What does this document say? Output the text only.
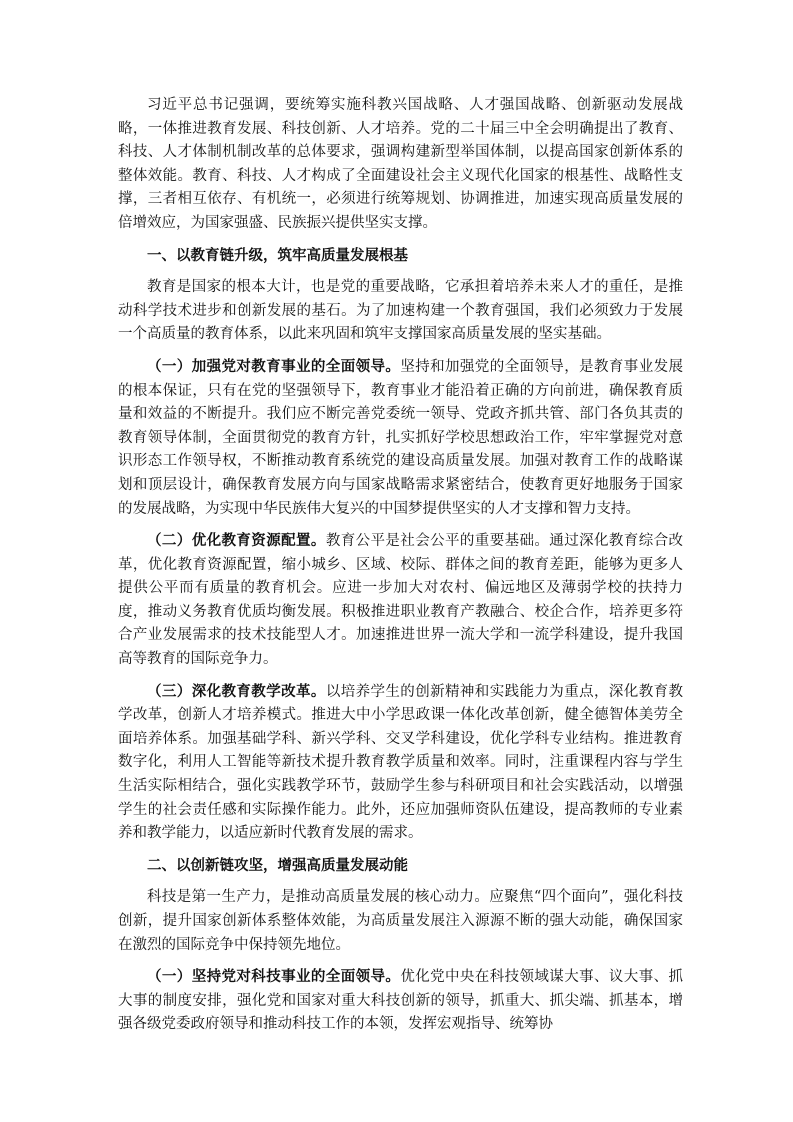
习近平总书记强调，要统筹实施科教兴国战略、人才强国战略、创新驱动发展战略，一体推进教育发展、科技创新、人才培养。党的二十届三中全会明确提出了教育、科技、人才体制机制改革的总体要求，强调构建新型举国体制，以提高国家创新体系的整体效能。教育、科技、人才构成了全面建设社会主义现代化国家的根基性、战略性支撑，三者相互依存、有机统一，必须进行统筹规划、协调推进，加速实现高质量发展的倍增效应，为国家强盛、民族振兴提供坚实支撑。

一、以教育链升级，筑牢高质量发展根基

教育是国家的根本大计，也是党的重要战略，它承担着培养未来人才的重任，是推动科学技术进步和创新发展的基石。为了加速构建一个教育强国，我们必须致力于发展一个高质量的教育体系，以此来巩固和筑牢支撑国家高质量发展的坚实基础。

（一）加强党对教育事业的全面领导。坚持和加强党的全面领导，是教育事业发展的根本保证，只有在党的坚强领导下，教育事业才能沿着正确的方向前进，确保教育质量和效益的不断提升。我们应不断完善党委统一领导、党政齐抓共管、部门各负其责的教育领导体制，全面贯彻党的教育方针，扎实抓好学校思想政治工作，牢牢掌握党对意识形态工作领导权，不断推动教育系统党的建设高质量发展。加强对教育工作的战略谋划和顶层设计，确保教育发展方向与国家战略需求紧密结合，使教育更好地服务于国家的发展战略，为实现中华民族伟大复兴的中国梦提供坚实的人才支撑和智力支持。

（二）优化教育资源配置。教育公平是社会公平的重要基础。通过深化教育综合改革，优化教育资源配置，缩小城乡、区域、校际、群体之间的教育差距，能够为更多人提供公平而有质量的教育机会。应进一步加大对农村、偏远地区及薄弱学校的扶持力度，推动义务教育优质均衡发展。积极推进职业教育产教融合、校企合作，培养更多符合产业发展需求的技术技能型人才。加速推进世界一流大学和一流学科建设，提升我国高等教育的国际竞争力。

（三）深化教育教学改革。以培养学生的创新精神和实践能力为重点，深化教育教学改革，创新人才培养模式。推进大中小学思政课一体化改革创新，健全德智体美劳全面培养体系。加强基础学科、新兴学科、交叉学科建设，优化学科专业结构。推进教育数字化，利用人工智能等新技术提升教育教学质量和效率。同时，注重课程内容与学生生活实际相结合，强化实践教学环节，鼓励学生参与科研项目和社会实践活动，以增强学生的社会责任感和实际操作能力。此外，还应加强师资队伍建设，提高教师的专业素养和教学能力，以适应新时代教育发展的需求。

二、以创新链攻坚，增强高质量发展动能

科技是第一生产力，是推动高质量发展的核心动力。应聚焦“四个面向”，强化科技创新，提升国家创新体系整体效能，为高质量发展注入源源不断的强大动能，确保国家在激烈的国际竞争中保持领先地位。

（一）坚持党对科技事业的全面领导。优化党中央在科技领域谋大事、议大事、抓大事的制度安排，强化党和国家对重大科技创新的领导，抓重大、抓尖端、抓基本，增强各级党委政府领导和推动科技工作的本领，发挥宏观指导、统筹协
